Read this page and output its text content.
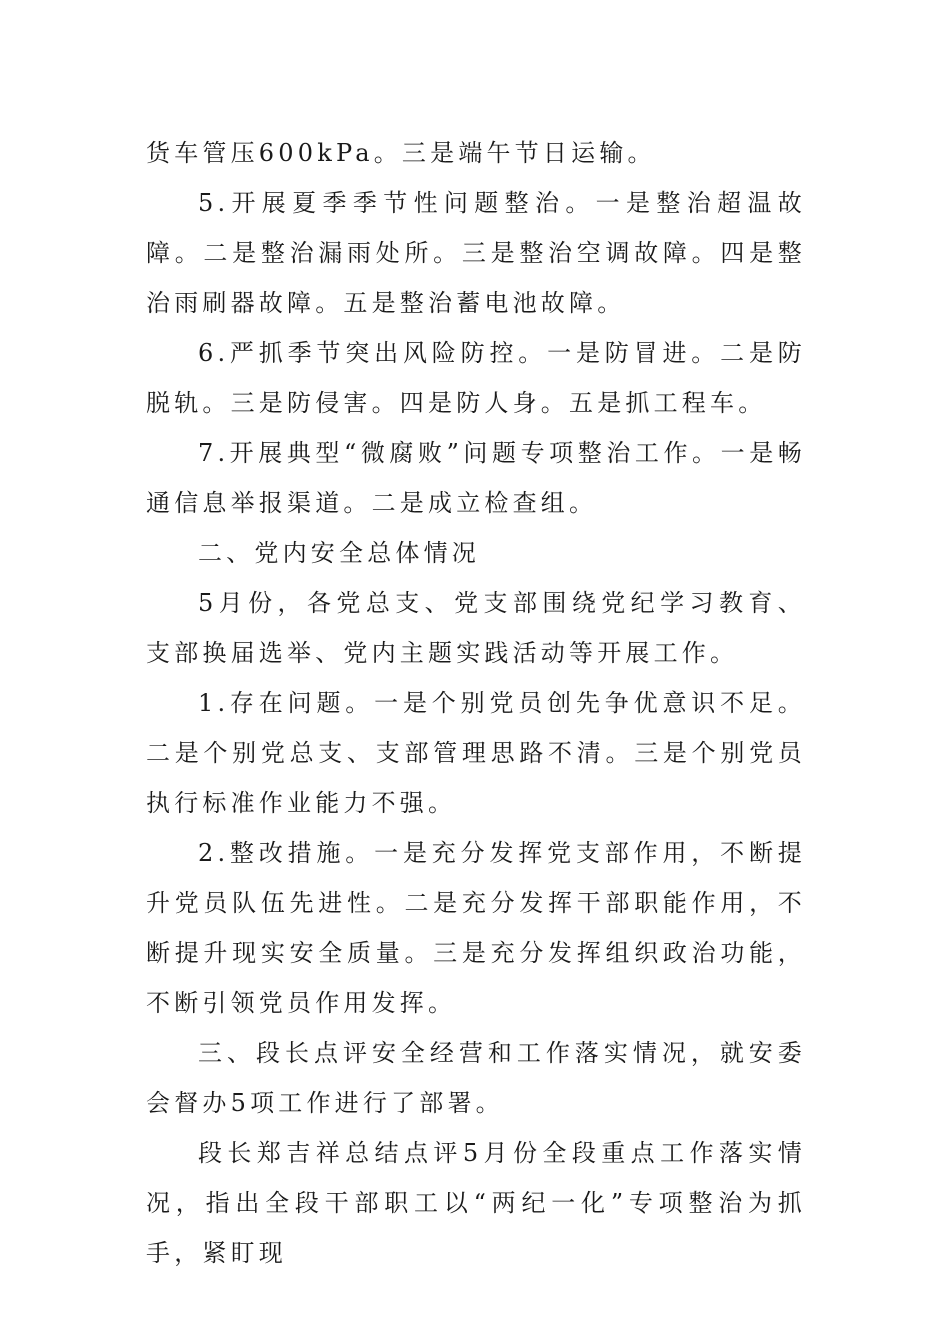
货车管压600kPa。三是端午节日运输。

5.开展夏季季节性问题整治。一是整治超温故障。二是整治漏雨处所。三是整治空调故障。四是整治雨刷器故障。五是整治蓄电池故障。

6.严抓季节突出风险防控。一是防冒进。二是防脱轨。三是防侵害。四是防人身。五是抓工程车。

7.开展典型“微腐败”问题专项整治工作。一是畅通信息举报渠道。二是成立检查组。

二、党内安全总体情况

5月份，各党总支、党支部围绕党纪学习教育、支部换届选举、党内主题实践活动等开展工作。

1.存在问题。一是个别党员创先争优意识不足。二是个别党总支、支部管理思路不清。三是个别党员执行标准作业能力不强。

2.整改措施。一是充分发挥党支部作用，不断提升党员队伍先进性。二是充分发挥干部职能作用，不断提升现实安全质量。三是充分发挥组织政治功能，不断引领党员作用发挥。

三、段长点评安全经营和工作落实情况，就安委会督办5项工作进行了部署。

段长郑吉祥总结点评5月份全段重点工作落实情况，指出全段干部职工以“两纪一化”专项整治为抓手，紧盯现
